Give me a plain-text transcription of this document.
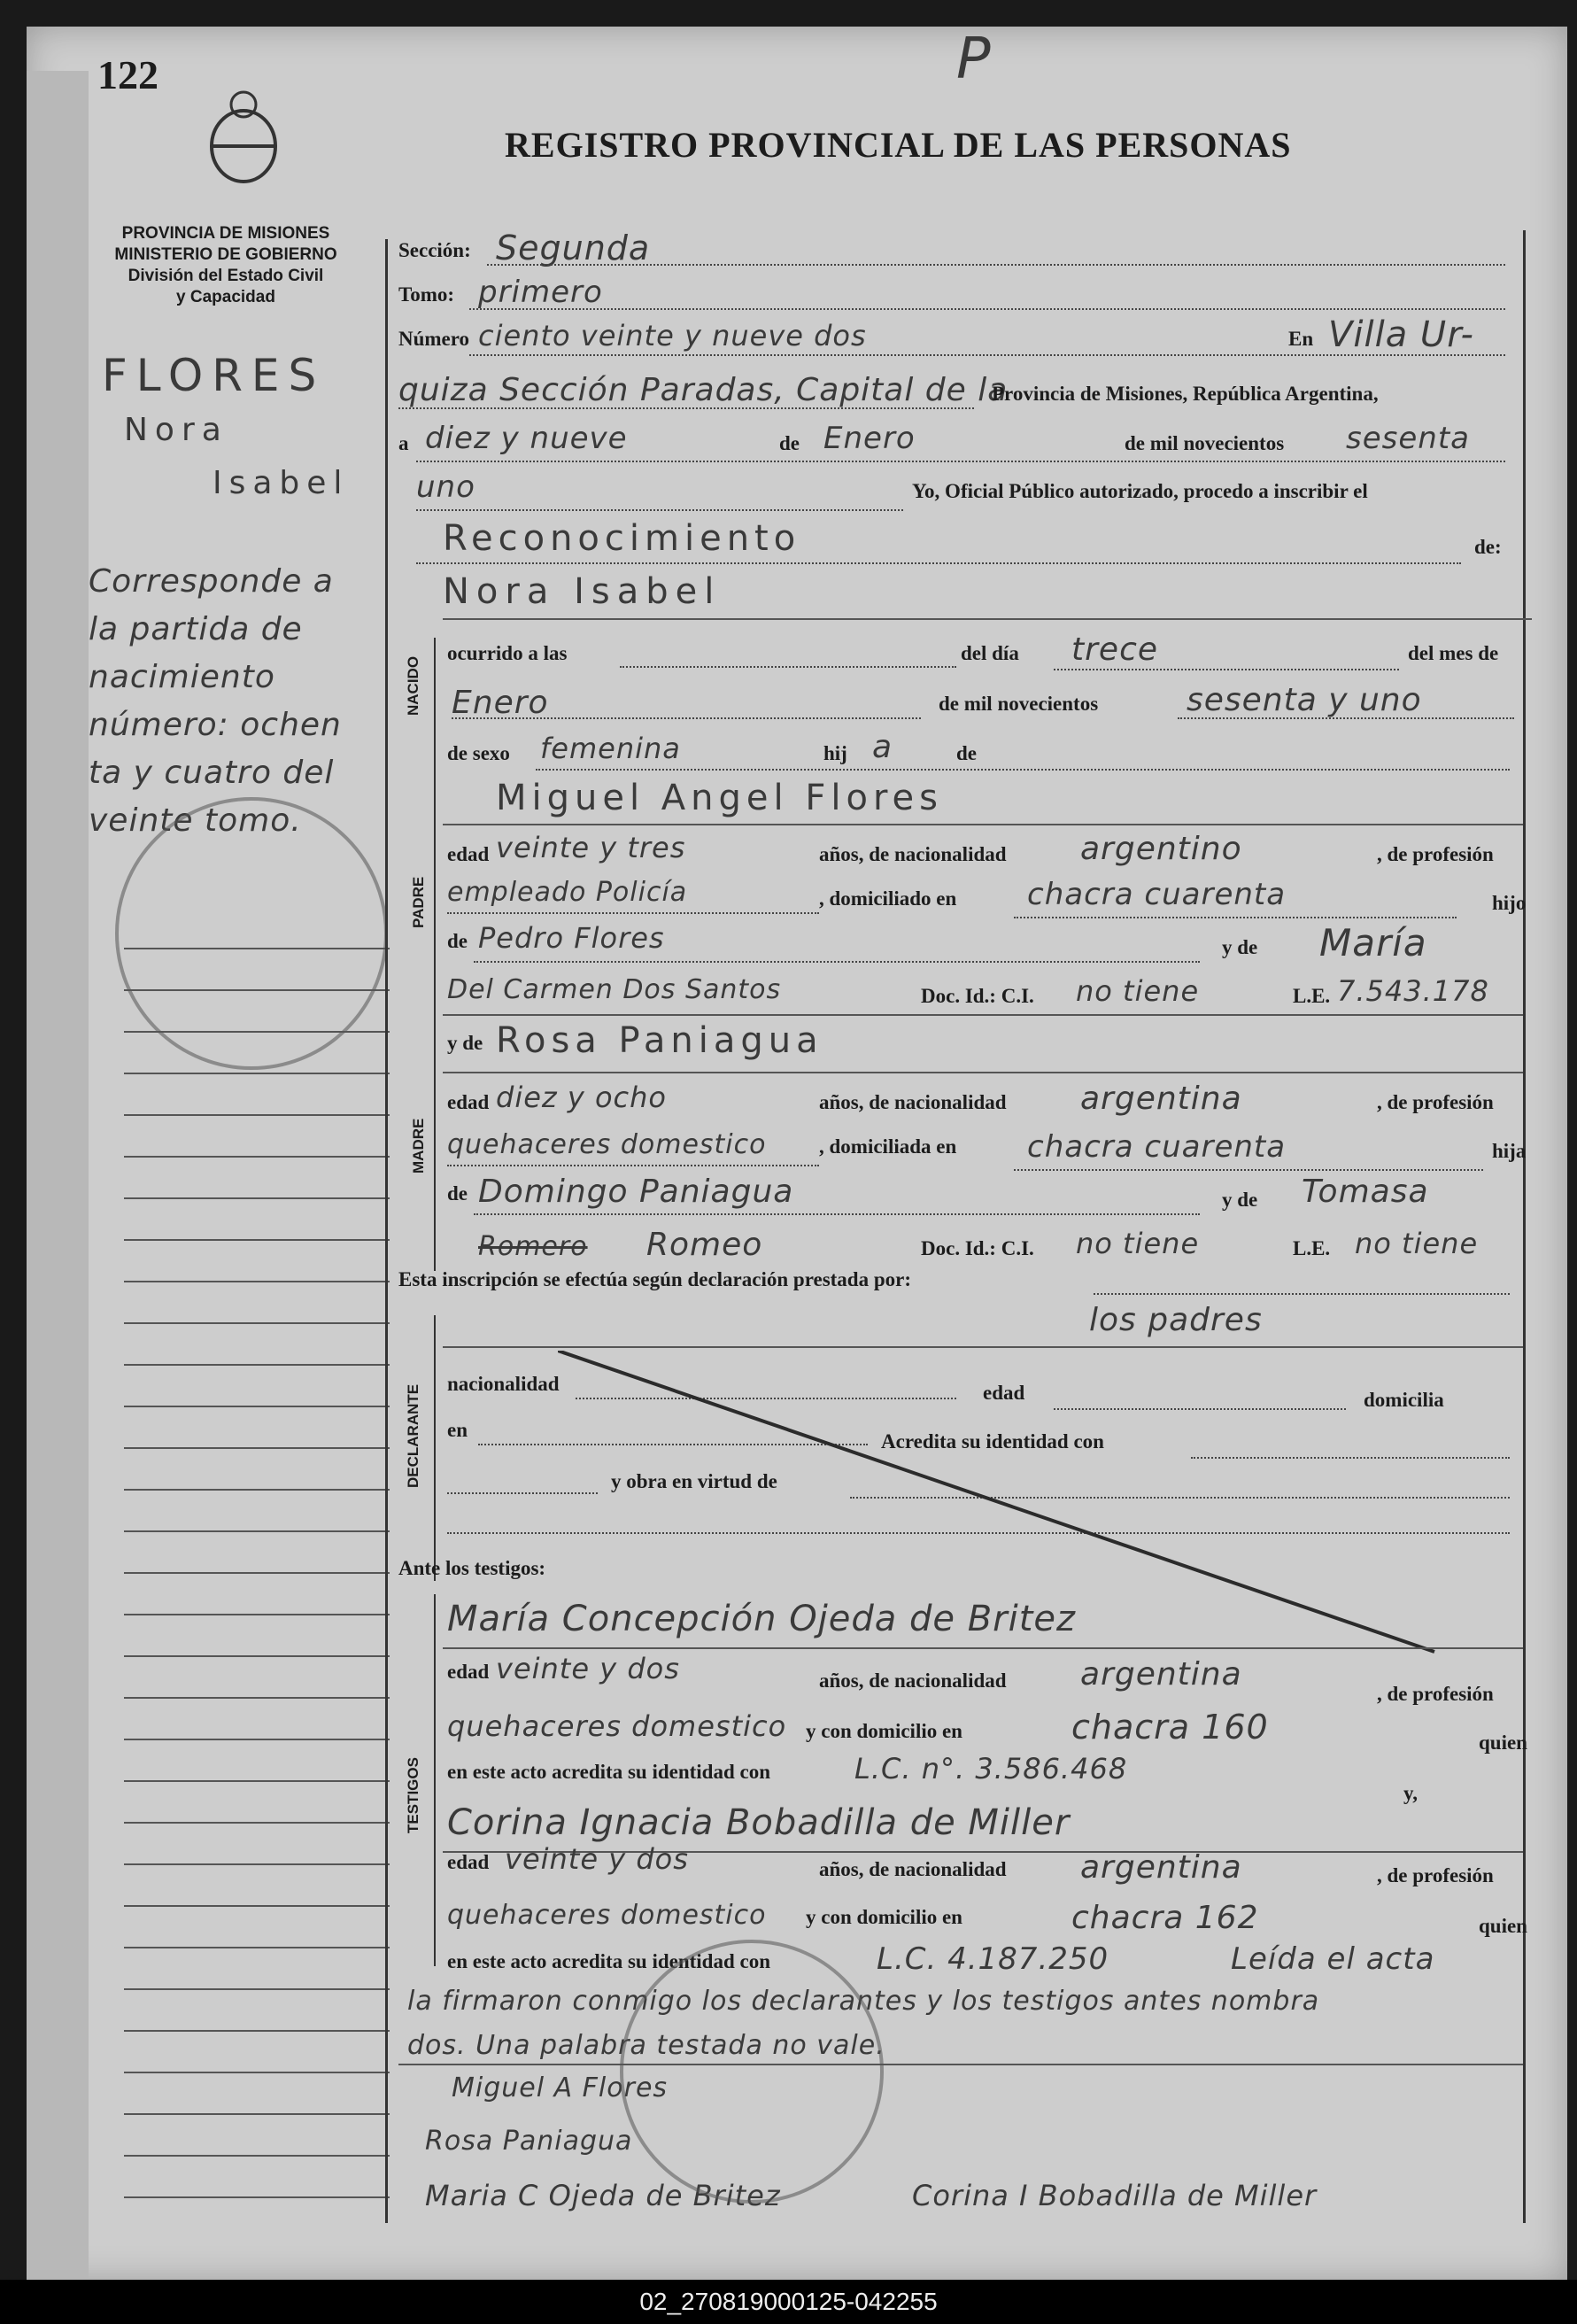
122	P
REGISTRO PROVINCIAL DE LAS PERSONAS
PROVINCIA DE MISIONES
MINISTERIO DE GOBIERNO
División del Estado Civil
y Capacidad
FLORES
Nora
Isabel
Corresponde a
la partida de
nacimiento
número: ochen
ta y cuatro del
veinte tomo.
Sección: Segunda
Tomo: primero
Número ciento veinte y nueve dos	En Villa Ur-
quiza Sección Paradas, Capital de la
Provincia de Misiones, República Argentina,
a diez y nueve	de Enero	de mil novecientos sesenta
uno	Yo, Oficial Público autorizado, procedo a inscribir el
Reconocimiento	de:
Nora Isabel
NACIDO
ocurrido a las	del día trece	del mes de
Enero	de mil novecientos	sesenta y uno
de sexo femenina	hij a	de
PADRE
Miguel Angel Flores
edad veinte y tres	años, de nacionalidad argentino	, de profesión
empleado Policía	, domiciliado en chacra cuarenta	hijo
de Pedro Flores	y de María
Del Carmen Dos Santos	Doc. Id.: C.I. no tiene	L.E. 7.543.178
MADRE
y de Rosa Paniagua
edad diez y ocho	años, de nacionalidad argentina	, de profesión
quehaceres domestico	, domiciliada en chacra cuarenta	hija
de Domingo Paniagua	y de Tomasa
Romero Romeo	Doc. Id.: C.I. no tiene	L.E. no tiene
Esta inscripción se efectúa según declaración prestada por:
los padres
DECLARANTE
nacionalidad	edad	domicilia
en
Acredita su identidad con
y obra en virtud de
Ante los testigos:
TESTIGOS
María Concepción Ojeda de Britez
edad veinte y dos	años, de nacionalidad argentina
, de profesión
quehaceres domestico y con domicilio en	chacra 160	quien
en este acto acredita su identidad con	L.C. n°. 3.586.468
y,
Corina Ignacia Bobadilla de Miller
edad veinte y dos	años, de nacionalidad argentina	, de profesión
quehaceres domestico y con domicilio en	chacra 162	quien
en este acto acredita su identidad con	L.C. 4.187.250	Leída el acta
la firmaron conmigo los declarantes y los testigos antes nombra
dos. Una palabra testada no vale.
Miguel A Flores
Rosa Paniagua
Maria C Ojeda de Britez	Corina I Bobadilla de Miller
02_270819000125-042255
